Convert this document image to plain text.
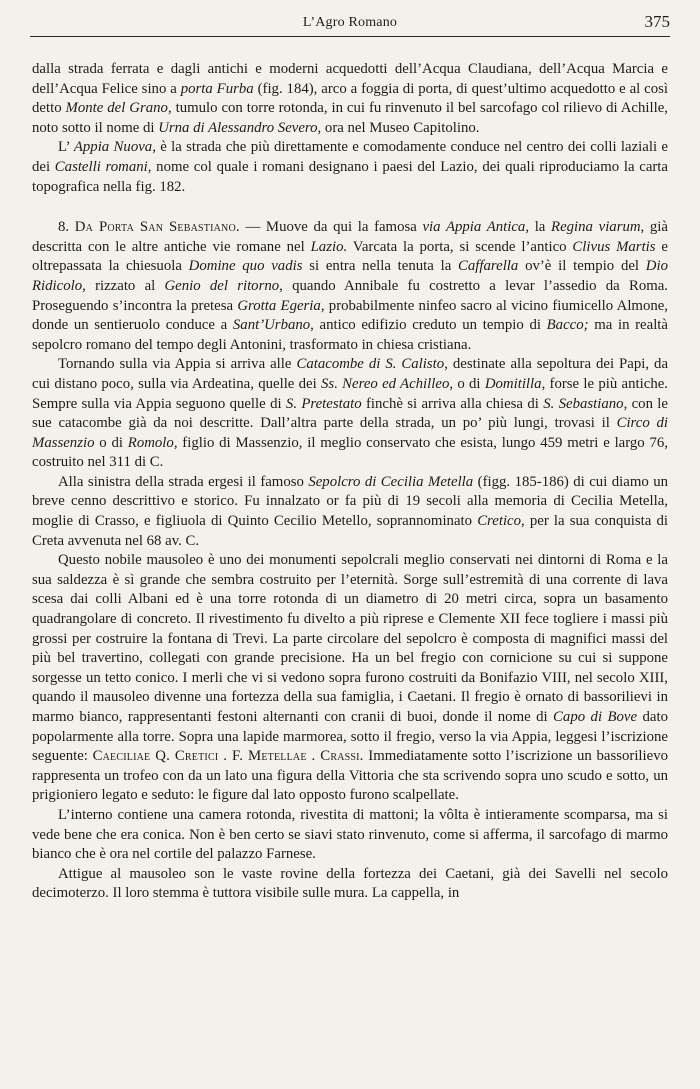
L’Agro Romano	375

dalla strada ferrata e dagli antichi e moderni acquedotti dell’Acqua Claudiana, dell’Acqua Marcia e dell’Acqua Felice sino a porta Furba (fig. 184), arco a foggia di porta, di quest’ultimo acquedotto e al così detto Monte del Grano, tumulo con torre rotonda, in cui fu rinvenuto il bel sarcofago col rilievo di Achille, noto sotto il nome di Urna di Alessandro Severo, ora nel Museo Capitolino.

L’ Appia Nuova, è la strada che più direttamente e comodamente conduce nel centro dei colli laziali e dei Castelli romani, nome col quale i romani designano i paesi del Lazio, dei quali riproduciamo la carta topografica nella fig. 182.

8. Da Porta San Sebastiano. — Muove da qui la famosa via Appia Antica, la Regina viarum, già descritta con le altre antiche vie romane nel Lazio. Varcata la porta, si scende l’antico Clivus Martis e oltrepassata la chiesuola Domine quo vadis si entra nella tenuta la Caffarella ov’è il tempio del Dio Ridicolo, rizzato al Genio del ritorno, quando Annibale fu costretto a levar l’assedio da Roma. Proseguendo s’incontra la pretesa Grotta Egeria, probabilmente ninfeo sacro al vicino fiumicello Almone, donde un sentieruolo conduce a Sant’Urbano, antico edifizio creduto un tempio di Bacco; ma in realtà sepolcro romano del tempo degli Antonini, trasformato in chiesa cristiana.

Tornando sulla via Appia si arriva alle Catacombe di S. Calisto, destinate alla sepoltura dei Papi, da cui distano poco, sulla via Ardeatina, quelle dei Ss. Nereo ed Achilleo, o di Domitilla, forse le più antiche. Sempre sulla via Appia seguono quelle di S. Pretestato finchè si arriva alla chiesa di S. Sebastiano, con le sue catacombe già da noi descritte. Dall’altra parte della strada, un po’ più lungi, trovasi il Circo di Massenzio o di Romolo, figlio di Massenzio, il meglio conservato che esista, lungo 459 metri e largo 76, costruito nel 311 di C.

Alla sinistra della strada ergesi il famoso Sepolcro di Cecilia Metella (figg. 185-186) di cui diamo un breve cenno descrittivo e storico. Fu innalzato or fa più di 19 secoli alla memoria di Cecilia Metella, moglie di Crasso, e figliuola di Quinto Cecilio Metello, soprannominato Cretico, per la sua conquista di Creta avvenuta nel 68 av. C.

Questo nobile mausoleo è uno dei monumenti sepolcrali meglio conservati nei dintorni di Roma e la sua saldezza è sì grande che sembra costruito per l’eternità. Sorge sull’estremità di una corrente di lava scesa dai colli Albani ed è una torre rotonda di un diametro di 20 metri circa, sopra un basamento quadrangolare di concreto. Il rivestimento fu divelto a più riprese e Clemente XII fece togliere i massi più grossi per costruire la fontana di Trevi. La parte circolare del sepolcro è composta di magnifici massi del più bel travertino, collegati con grande precisione. Ha un bel fregio con cornicione su cui si suppone sorgesse un tetto conico. I merli che vi si vedono sopra furono costruiti da Bonifazio VIII, nel secolo XIII, quando il mausoleo divenne una fortezza della sua famiglia, i Caetani. Il fregio è ornato di bassorilievi in marmo bianco, rappresentanti festoni alternanti con cranii di buoi, donde il nome di Capo di Bove dato popolarmente alla torre. Sopra una lapide marmorea, sotto il fregio, verso la via Appia, leggesi l’iscrizione seguente: Caeciliae Q. Cretici . F. Metellae . Crassi. Immediatamente sotto l’iscrizione un bassorilievo rappresenta un trofeo con da un lato una figura della Vittoria che sta scrivendo sopra uno scudo e sotto, un prigioniero legato e seduto: le figure dal lato opposto furono scalpellate.

L’interno contiene una camera rotonda, rivestita di mattoni; la vôlta è intieramente scomparsa, ma si vede bene che era conica. Non è ben certo se siavi stato rinvenuto, come si afferma, il sarcofago di marmo bianco che è ora nel cortile del palazzo Farnese.

Attigue al mausoleo son le vaste rovine della fortezza dei Caetani, già dei Savelli nel secolo decimoterzo. Il loro stemma è tuttora visibile sulle mura. La cappella, in
